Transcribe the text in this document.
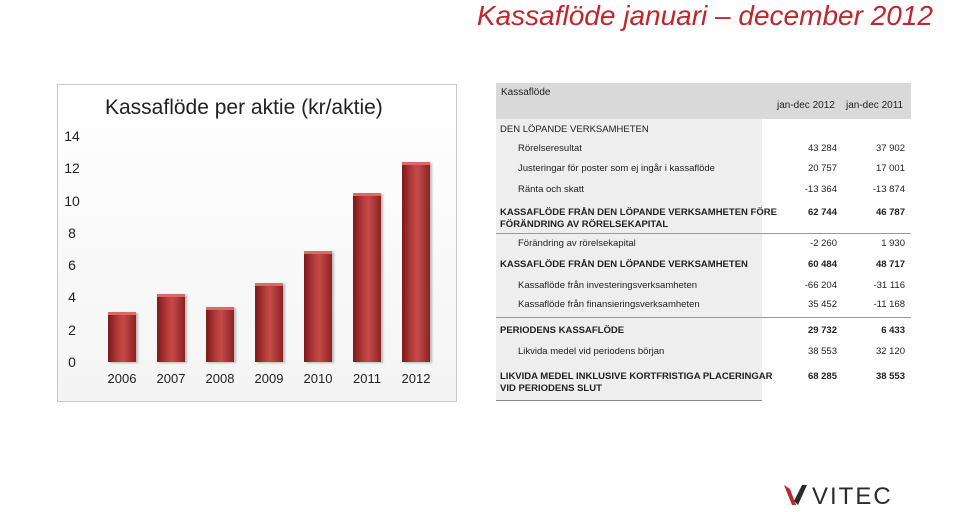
Kassaflöde januari – december 2012
Kassaflöde per aktie (kr/aktie)
0
2
4
6
8
10
12
14
2006	2007	2008	2009	2010	2011	2012
Kassaflöde
jan-dec 2012 jan-dec 2011
DEN LÖPANDE VERKSAMHETEN
Rörelseresultat	43 284	37 902
Justeringar för poster som ej ingår i kassaflöde	20 757	17 001
Ränta och skatt	-13 364	-13 874
KASSAFLÖDE FRÅN DEN LÖPANDE VERKSAMHETEN FÖRE
FÖRÄNDRING AV RÖRELSEKAPITAL
62 744	46 787
Förändring av rörelsekapital	-2 260	1 930
KASSAFLÖDE FRÅN DEN LÖPANDE VERKSAMHETEN	60 484	48 717
Kassaflöde från investeringsverksamheten	-66 204	-31 116
Kassaflöde från finansieringsverksamheten	35 452	-11 168
PERIODENS KASSAFLÖDE	29 732	6 433
Likvida medel vid periodens början	38 553	32 120
LIKVIDA MEDEL INKLUSIVE KORTFRISTIGA PLACERINGAR
VID PERIODENS SLUT
68 285	38 553
VITEC
